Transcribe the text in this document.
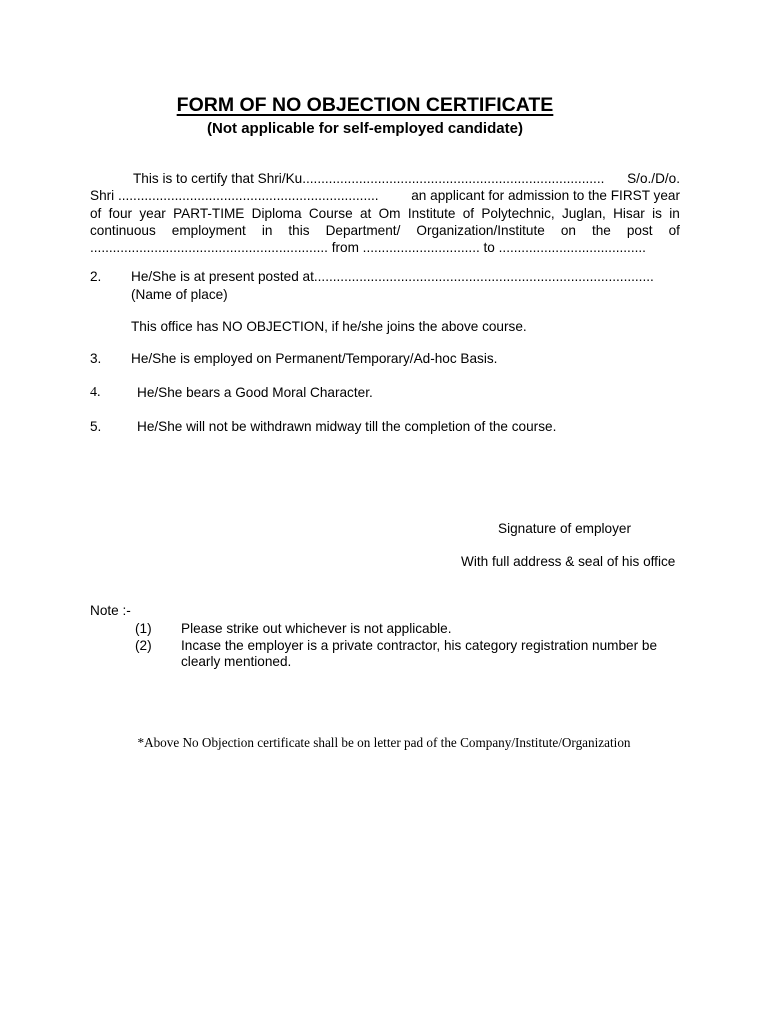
FORM OF NO OBJECTION CERTIFICATE
(Not applicable for self-employed candidate)
This is to certify that Shri/Ku................................................................................ S/o./D/o.
Shri ..................................................................... an applicant for admission to the FIRST year
of four year PART-TIME Diploma Course at Om Institute of Polytechnic, Juglan, Hisar is in
continuous employment in this Department/ Organization/Institute on the post of
............................................................... from ............................... to .......................................
2. He/She is at present posted at..........................................................................................
(Name of place)
This office has NO OBJECTION, if he/she joins the above course.
3. He/She is employed on Permanent/Temporary/Ad-hoc Basis.
4.	He/She bears a Good Moral Character.
5.	He/She will not be withdrawn midway till the completion of the course.
Signature of employer
With full address & seal of his office
Note :-
(1) Please strike out whichever is not applicable.
(2) Incase the employer is a private contractor, his category registration number be
clearly mentioned.
*Above No Objection certificate shall be on letter pad of the Company/Institute/Organization
